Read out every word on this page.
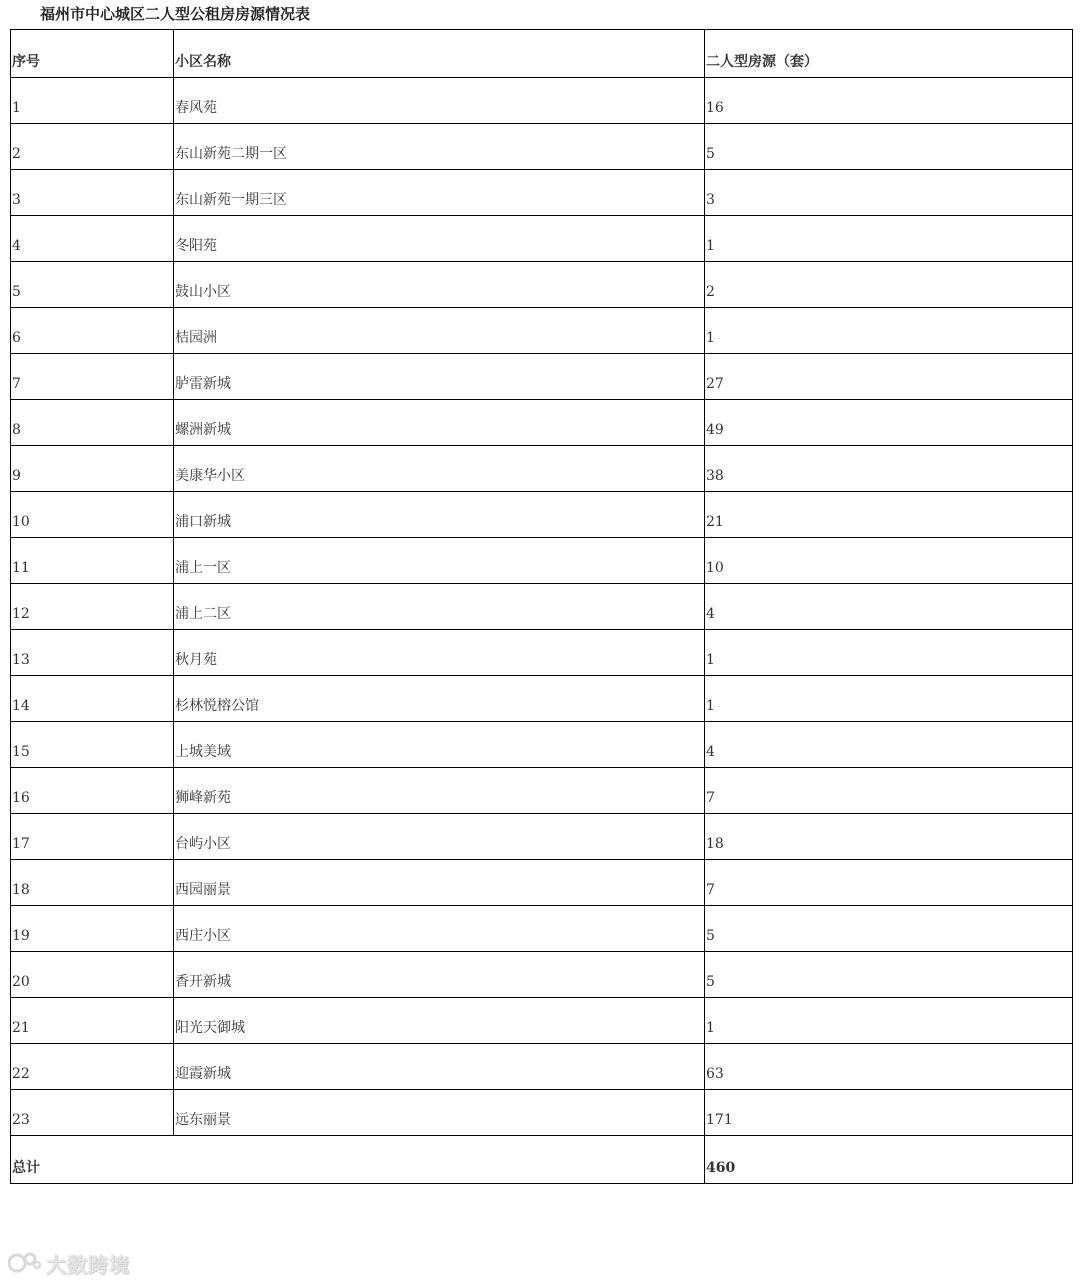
福州市中心城区二人型公租房房源情况表
序号	小区名称	二人型房源（套）
1	春风苑	16
2	东山新苑二期一区	5
3	东山新苑一期三区	3
4	冬阳苑	1
5	鼓山小区	2
6	桔园洲	1
7	胪雷新城	27
8	螺洲新城	49
9	美康华小区	38
10	浦口新城	21
11	浦上一区	10
12	浦上二区	4
13	秋月苑	1
14	杉林悦榕公馆	1
15	上城美域	4
16	狮峰新苑	7
17	台屿小区	18
18	西园丽景	7
19	西庄小区	5
20	香开新城	5
21	阳光天御城	1
22	迎霞新城	63
23	远东丽景	171
总计		460
大数跨境
